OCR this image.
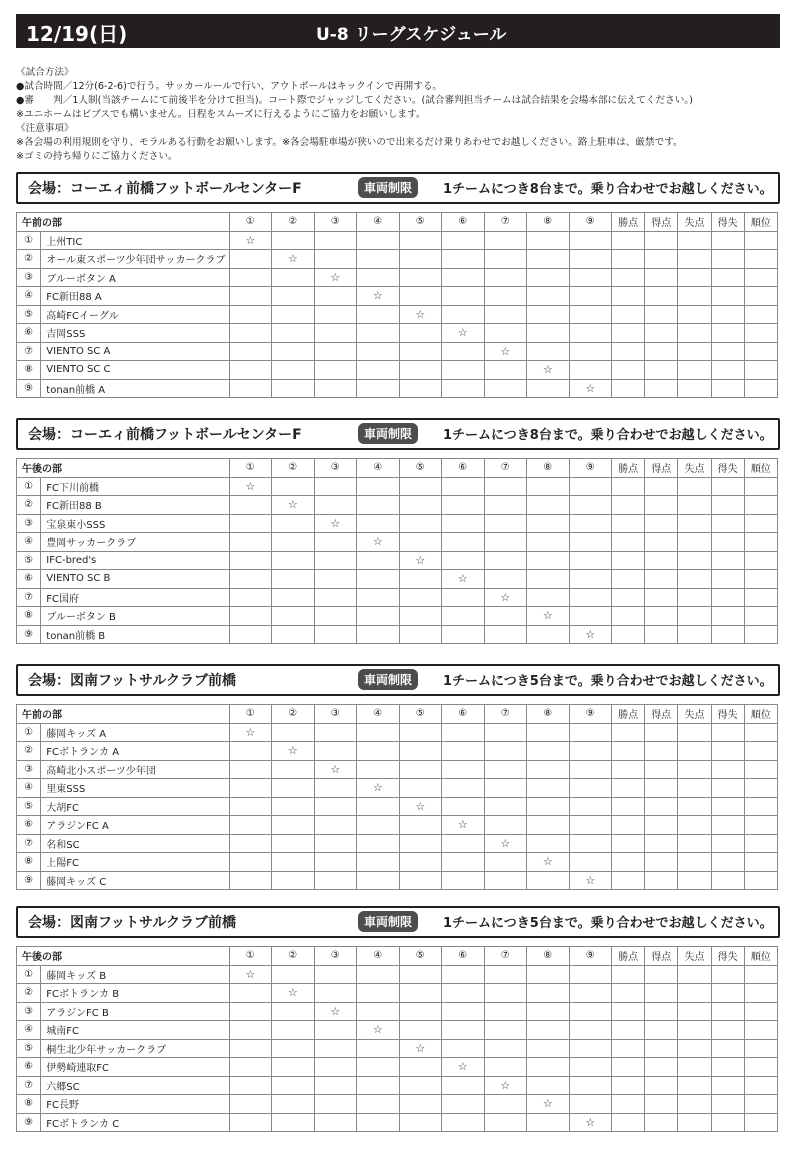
12/19(日)	U-8 リーグスケジュール
《試合方法》
●試合時間／12分(6-2-6)で行う。サッカールールで行い、アウトボールはキックインで再開する。
●審　　判／1人制(当該チームにて前後半を分けて担当)。コート際でジャッジしてください。(試合審判担当チームは試合結果を会場本部に伝えてください。)
※ユニホームはビブスでも構いません。日程をスムーズに行えるようにご協力をお願いします。
《注意事項》
※各会場の利用規則を守り、モラルある行動をお願いします。※各会場駐車場が狭いので出来るだけ乗りあわせでお越しください。路上駐車は、厳禁です。
※ゴミの持ち帰りにご協力ください。
会場：コーエィ前橋フットボールセンターF	車両制限	1チームにつき8台まで。乗り合わせでお越しください。
午前の部		①	②	③	④	⑤	⑥	⑦	⑧	⑨	勝点	得点	失点	得失	順位
①	上州TIC	☆													
②	オール東スポーツ少年団サッカークラブ		☆												
③	ブルーボタン A			☆											
④	FC新田88 A				☆										
⑤	高崎FCイーグル					☆									
⑥	吉岡SSS						☆								
⑦	VIENTO SC A							☆							
⑧	VIENTO SC C								☆						
⑨	tonan前橋 A									☆					
会場：コーエィ前橋フットボールセンターF	車両制限	1チームにつき8台まで。乗り合わせでお越しください。
午後の部		①	②	③	④	⑤	⑥	⑦	⑧	⑨	勝点	得点	失点	得失	順位
①	FC下川前橋	☆													
②	FC新田88 B		☆												
③	宝泉東小SSS			☆											
④	豊岡サッカークラブ				☆										
⑤	IFC-bred's					☆									
⑥	VIENTO SC B						☆								
⑦	FC国府							☆							
⑧	ブルーボタン B								☆						
⑨	tonan前橋 B									☆					
会場：図南フットサルクラブ前橋	車両制限	1チームにつき5台まで。乗り合わせでお越しください。
午前の部		①	②	③	④	⑤	⑥	⑦	⑧	⑨	勝点	得点	失点	得失	順位
①	藤岡キッズ A	☆													
②	FCボトランカ A		☆												
③	高崎北小スポーツ少年団			☆											
④	里東SSS				☆										
⑤	大胡FC					☆									
⑥	アラジンFC A						☆								
⑦	名和SC							☆							
⑧	上陽FC								☆						
⑨	藤岡キッズ C									☆					
会場：図南フットサルクラブ前橋	車両制限	1チームにつき5台まで。乗り合わせでお越しください。
午後の部		①	②	③	④	⑤	⑥	⑦	⑧	⑨	勝点	得点	失点	得失	順位
①	藤岡キッズ B	☆													
②	FCボトランカ B		☆												
③	アラジンFC B			☆											
④	城南FC				☆										
⑤	桐生北少年サッカークラブ					☆									
⑥	伊勢崎連取FC						☆								
⑦	六郷SC							☆							
⑧	FC長野								☆						
⑨	FCボトランカ C									☆					
